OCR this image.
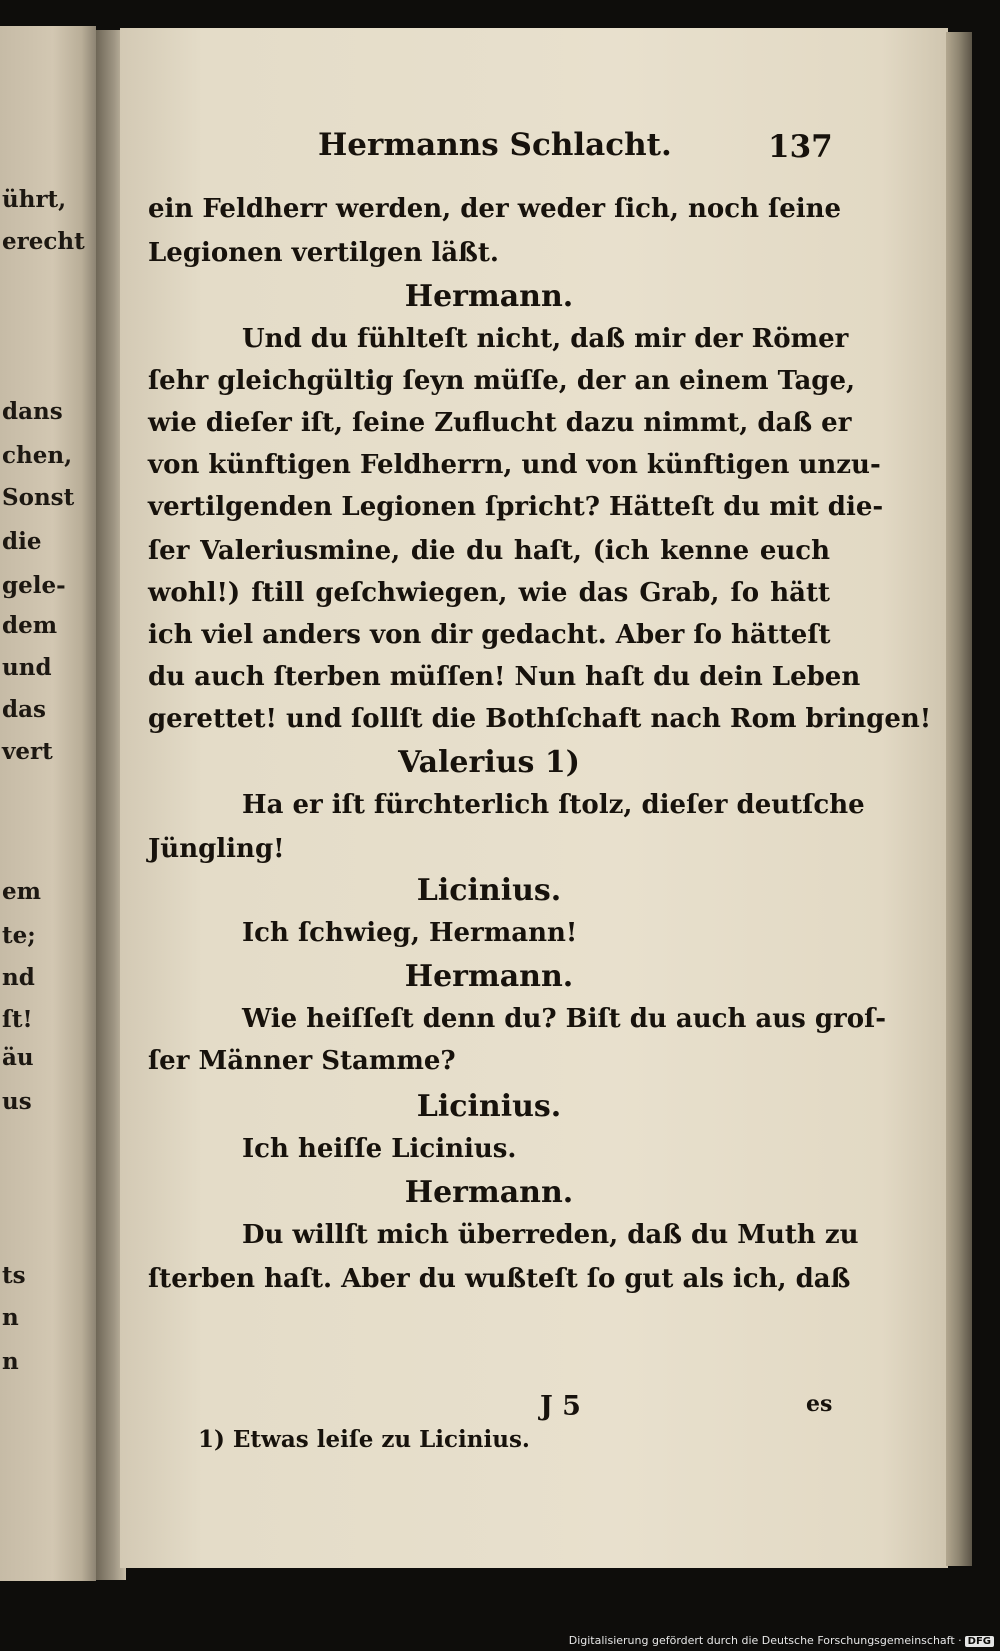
ührt,
erecht
dans
chen,
Sonst
die
gele-
dem
und
das
vert
em
te;
nd
ſt!
äu
us
ts
n
n
Hermanns Schlacht.	137
ein Feldherr werden, der weder ſich, noch ſeine
Legionen vertilgen läßt.
Hermann.
Und du fühlteſt nicht, daß mir der Römer
ſehr gleichgültig ſeyn müſſe, der an einem Tage,
wie dieſer iſt, ſeine Zuflucht dazu nimmt, daß er
von künftigen Feldherrn, und von künftigen unzu-
vertilgenden Legionen ſpricht? Hätteſt du mit die-
ſer Valeriusmine, die du haſt, (ich kenne euch
wohl!) ſtill geſchwiegen, wie das Grab, ſo hätt
ich viel anders von dir gedacht. Aber ſo hätteſt
du auch ſterben müſſen! Nun haſt du dein Leben
gerettet! und ſollſt die Bothſchaft nach Rom bringen!
Valerius 1)
Ha er iſt fürchterlich ſtolz, dieſer deutſche
Jüngling!
Licinius.
Ich ſchwieg, Hermann!
Hermann.
Wie heiſſeſt denn du? Biſt du auch aus groſ-
ſer Männer Stamme?
Licinius.
Ich heiſſe Licinius.
Hermann.
Du willſt mich überreden, daß du Muth zu
ſterben haſt. Aber du wußteſt ſo gut als ich, daß
J 5	es
1) Etwas leiſe zu Licinius.
Digitalisierung gefördert durch die Deutsche Forschungsgemeinschaft · DFG
